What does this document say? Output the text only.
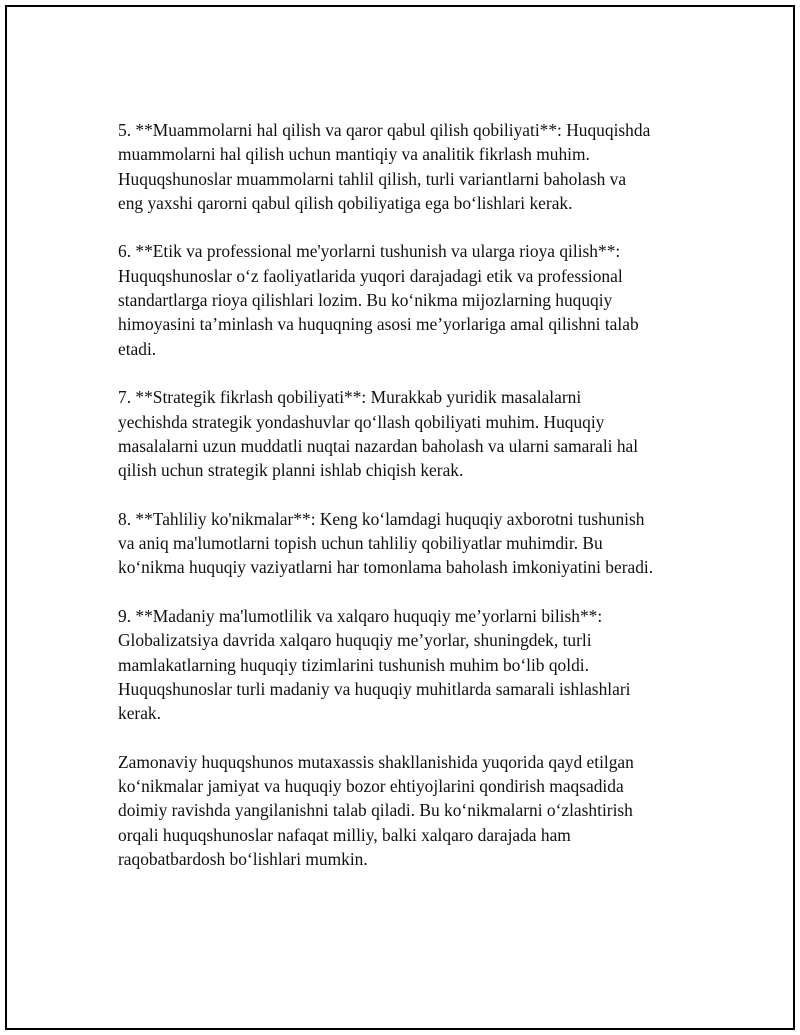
5. **Muammolarni hal qilish va qaror qabul qilish qobiliyati**: Huquqishda
muammolarni hal qilish uchun mantiqiy va analitik fikrlash muhim.
Huquqshunoslar muammolarni tahlil qilish, turli variantlarni baholash va
eng yaxshi qarorni qabul qilish qobiliyatiga ega bo‘lishlari kerak.

6. **Etik va professional me'yorlarni tushunish va ularga rioya qilish**:
Huquqshunoslar o‘z faoliyatlarida yuqori darajadagi etik va professional
standartlarga rioya qilishlari lozim. Bu ko‘nikma mijozlarning huquqiy
himoyasini ta’minlash va huquqning asosi me’yorlariga amal qilishni talab
etadi.

7. **Strategik fikrlash qobiliyati**: Murakkab yuridik masalalarni
yechishda strategik yondashuvlar qo‘llash qobiliyati muhim. Huquqiy
masalalarni uzun muddatli nuqtai nazardan baholash va ularni samarali hal
qilish uchun strategik planni ishlab chiqish kerak.

8. **Tahliliy ko'nikmalar**: Keng ko‘lamdagi huquqiy axborotni tushunish
va aniq ma'lumotlarni topish uchun tahliliy qobiliyatlar muhimdir. Bu
ko‘nikma huquqiy vaziyatlarni har tomonlama baholash imkoniyatini beradi.

9. **Madaniy ma'lumotlilik va xalqaro huquqiy me’yorlarni bilish**:
Globalizatsiya davrida xalqaro huquqiy me’yorlar, shuningdek, turli
mamlakatlarning huquqiy tizimlarini tushunish muhim bo‘lib qoldi.
Huquqshunoslar turli madaniy va huquqiy muhitlarda samarali ishlashlari
kerak.

Zamonaviy huquqshunos mutaxassis shakllanishida yuqorida qayd etilgan
ko‘nikmalar jamiyat va huquqiy bozor ehtiyojlarini qondirish maqsadida
doimiy ravishda yangilanishni talab qiladi. Bu ko‘nikmalarni o‘zlashtirish
orqali huquqshunoslar nafaqat milliy, balki xalqaro darajada ham
raqobatbardosh bo‘lishlari mumkin.
